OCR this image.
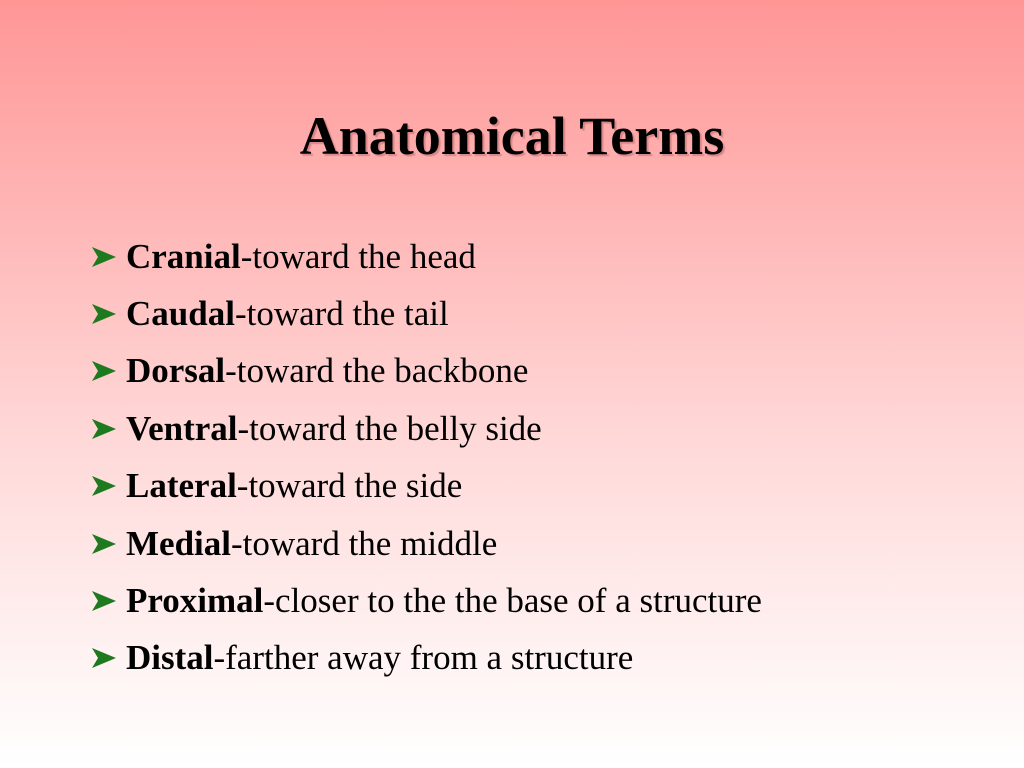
Anatomical Terms
Cranial -toward the head
Caudal -toward the tail
Dorsal -toward the backbone
Ventral -toward the belly side
Lateral -toward the side
Medial -toward the middle
Proximal -closer to the the base of a structure
Distal -farther away from a structure
